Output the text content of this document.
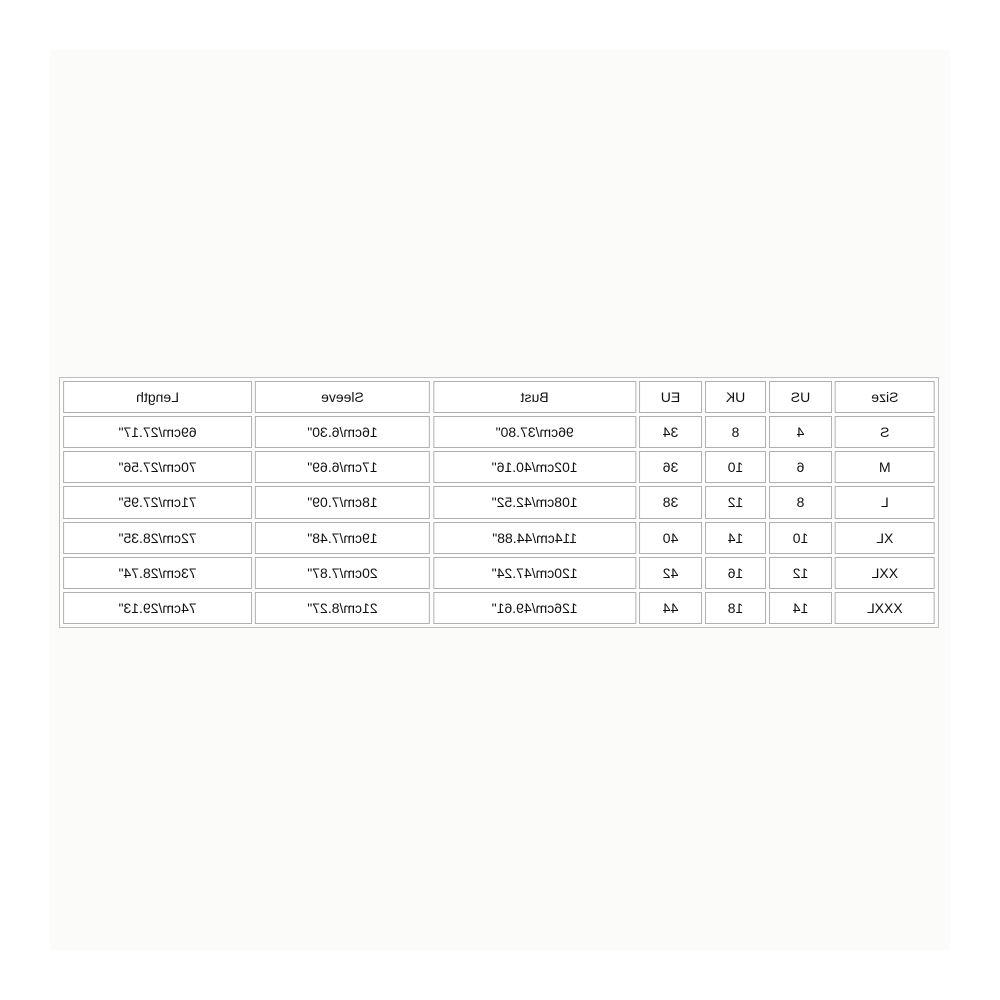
Length	Sleeve	Bust	EU	UK	US	Size
69cm/27.17"	16cm/6.30"	96cm/37.80"	34	8	4	S
70cm/27.56"	17cm/6.69"	102cm/40.16"	36	10	6	M
71cm/27.95"	18cm/7.09"	108cm/42.52"	38	12	8	L
72cm/28.35"	19cm/7.48"	114cm/44.88"	40	14	10	XL
73cm/28.74"	20cm/7.87"	120cm/47.24"	42	16	12	XXL
74cm/29.13"	21cm/8.27"	126cm/49.61"	44	18	14	XXXL
